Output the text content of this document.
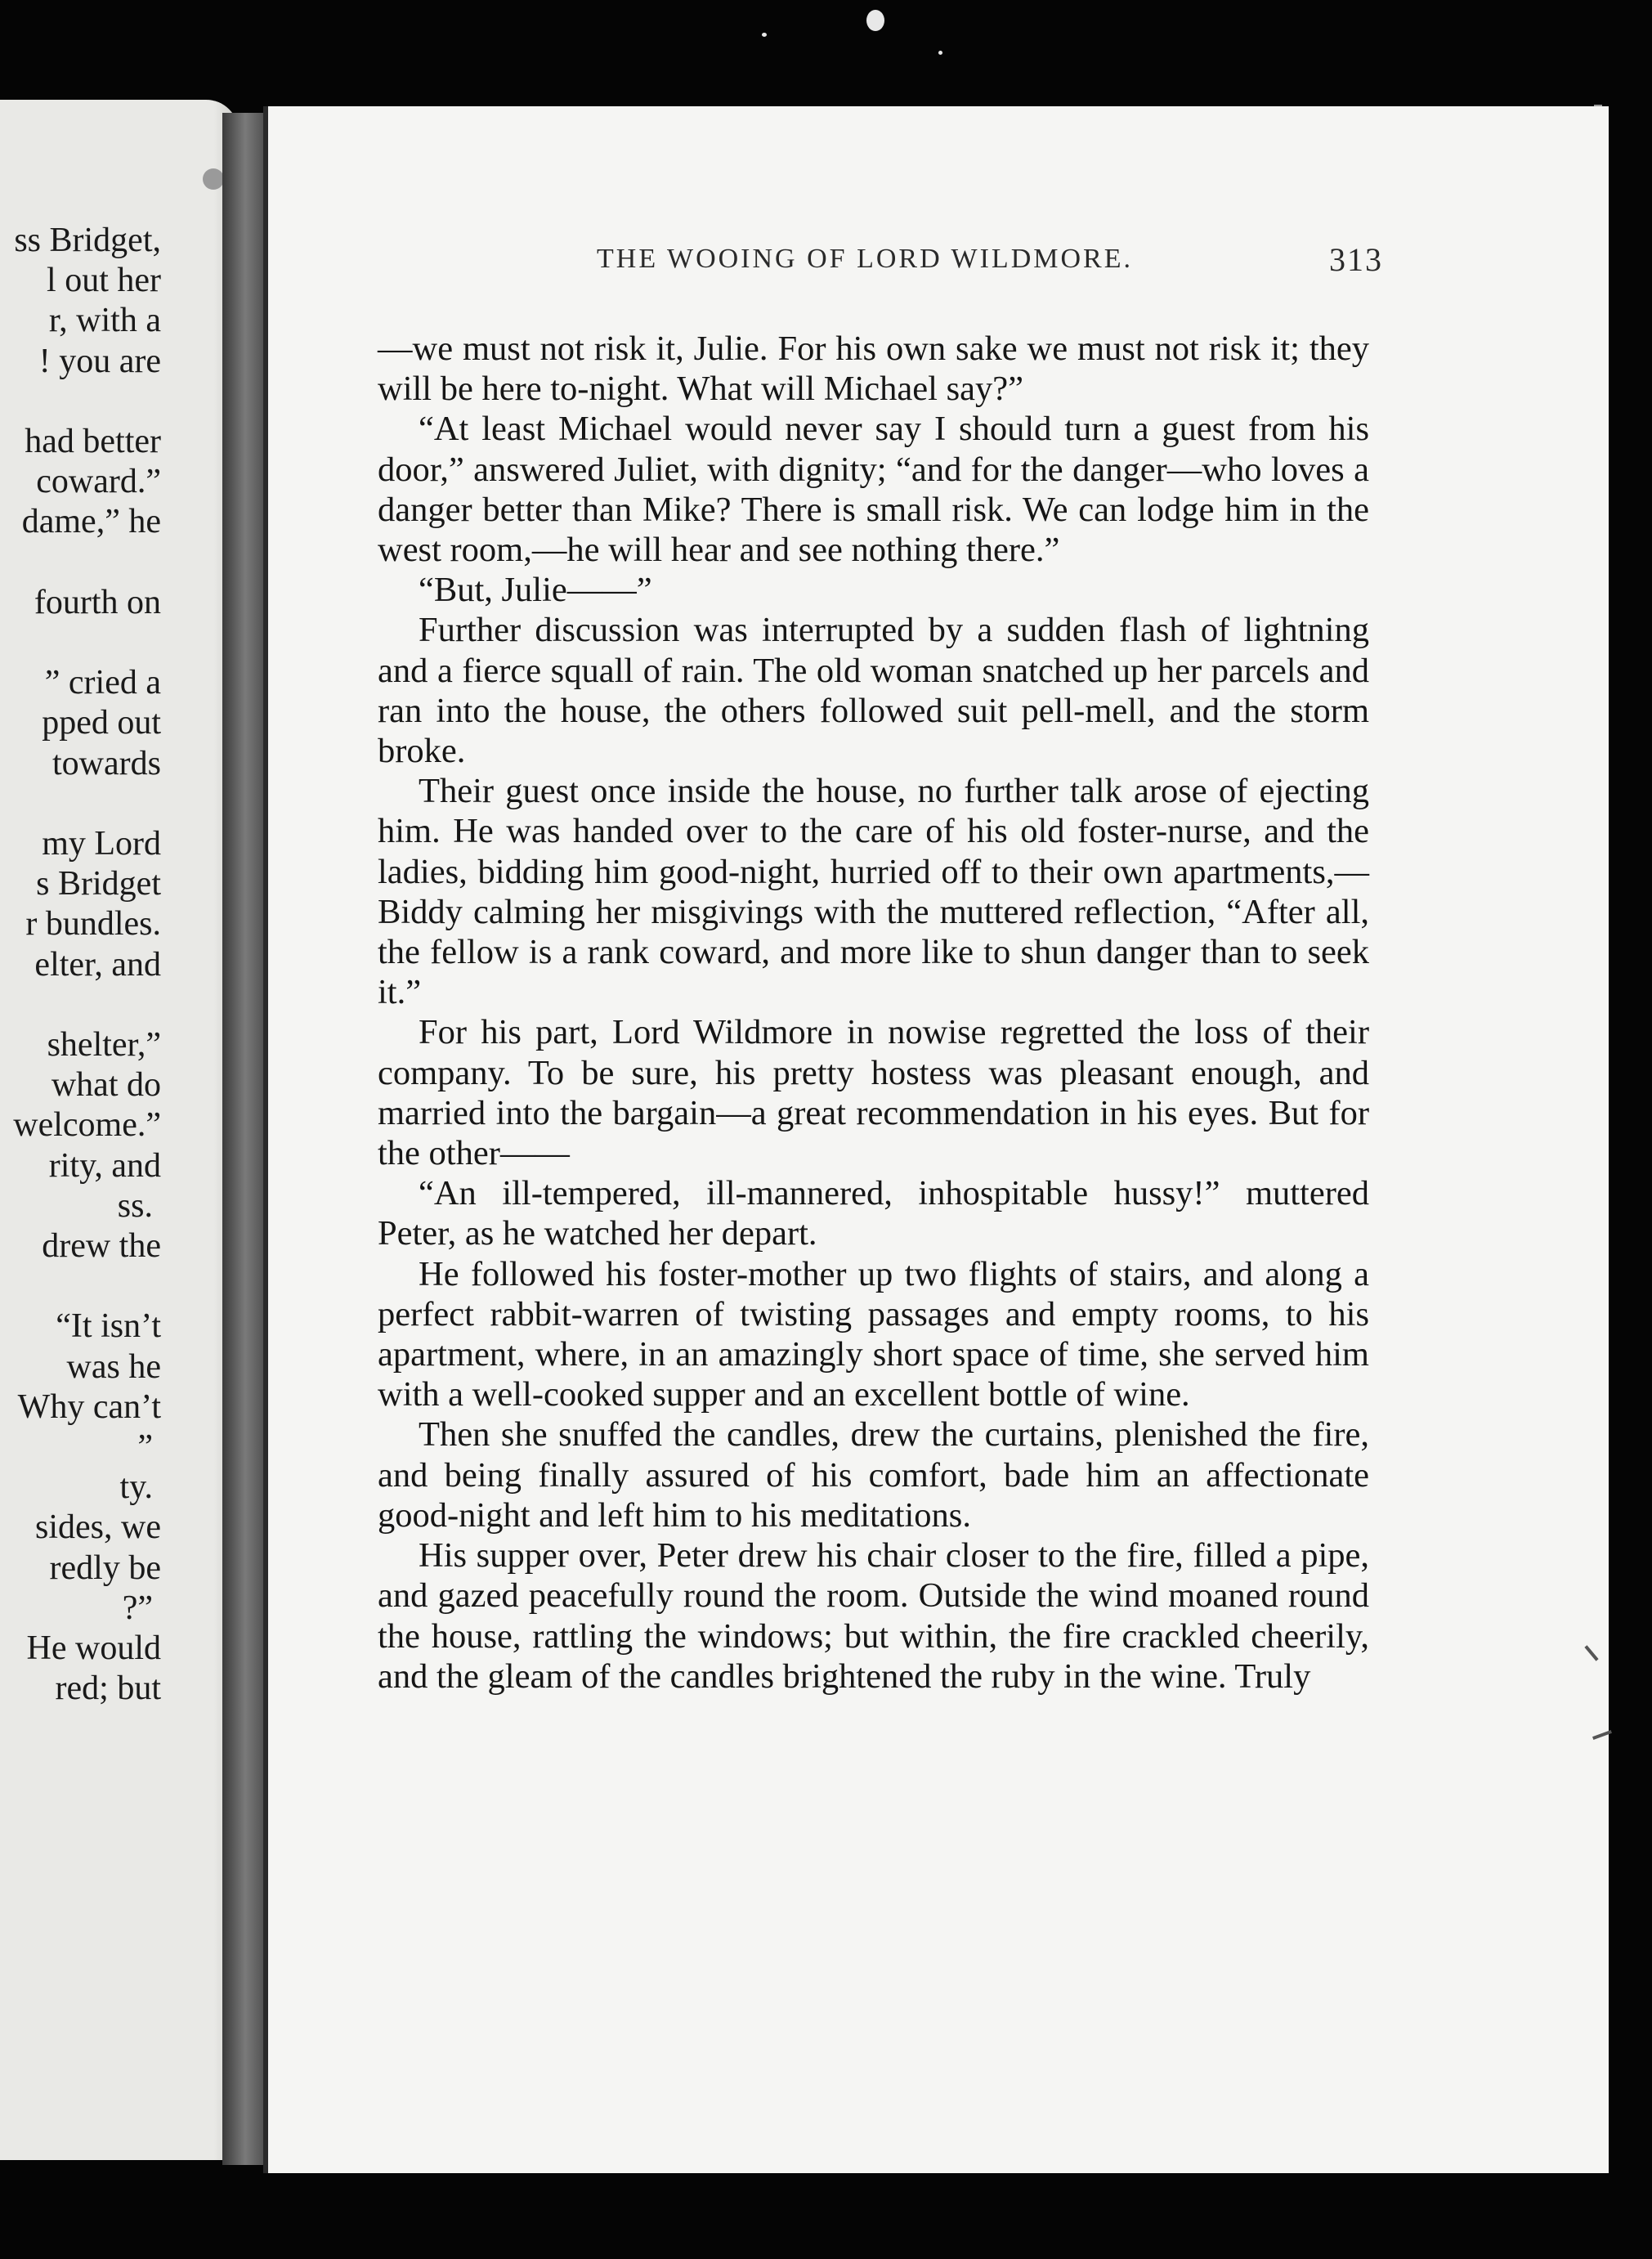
ss Bridget,
l out her
r, with a
! you are
had better
coward.”
dame,” he
fourth on
” cried a
pped out
towards
my Lord
s Bridget
r bundles.
elter, and
shelter,”
what do
welcome.”
rity, and
ss.
drew the
“It isn’t
was he
Why can’t
”
ty.
sides, we
redly be
?”
He would
red; but
THE WOOING OF LORD WILDMORE.	313

—we must not risk it, Julie. For his own sake we must not risk it; they will be here to-night. What will Michael say?”

“At least Michael would never say I should turn a guest from his door,” answered Juliet, with dignity; “and for the danger—who loves a danger better than Mike? There is small risk. We can lodge him in the west room,—he will hear and see nothing there.”

“But, Julie——”

Further discussion was interrupted by a sudden flash of lightning and a fierce squall of rain. The old woman snatched up her parcels and ran into the house, the others followed suit pell-mell, and the storm broke.

Their guest once inside the house, no further talk arose of ejecting him. He was handed over to the care of his old foster-nurse, and the ladies, bidding him good-night, hurried off to their own apartments,—Biddy calming her misgivings with the muttered reflection, “After all, the fellow is a rank coward, and more like to shun danger than to seek it.”

For his part, Lord Wildmore in nowise regretted the loss of their company. To be sure, his pretty hostess was pleasant enough, and married into the bargain—a great recommendation in his eyes. But for the other——

“An ill-tempered, ill-mannered, inhospitable hussy!” muttered Peter, as he watched her depart.

He followed his foster-mother up two flights of stairs, and along a perfect rabbit-warren of twisting passages and empty rooms, to his apartment, where, in an amazingly short space of time, she served him with a well-cooked supper and an excellent bottle of wine.

Then she snuffed the candles, drew the curtains, plenished the fire, and being finally assured of his comfort, bade him an affectionate good-night and left him to his meditations.

His supper over, Peter drew his chair closer to the fire, filled a pipe, and gazed peacefully round the room. Outside the wind moaned round the house, rattling the windows; but within, the fire crackled cheerily, and the gleam of the candles brightened the ruby in the wine. Truly
